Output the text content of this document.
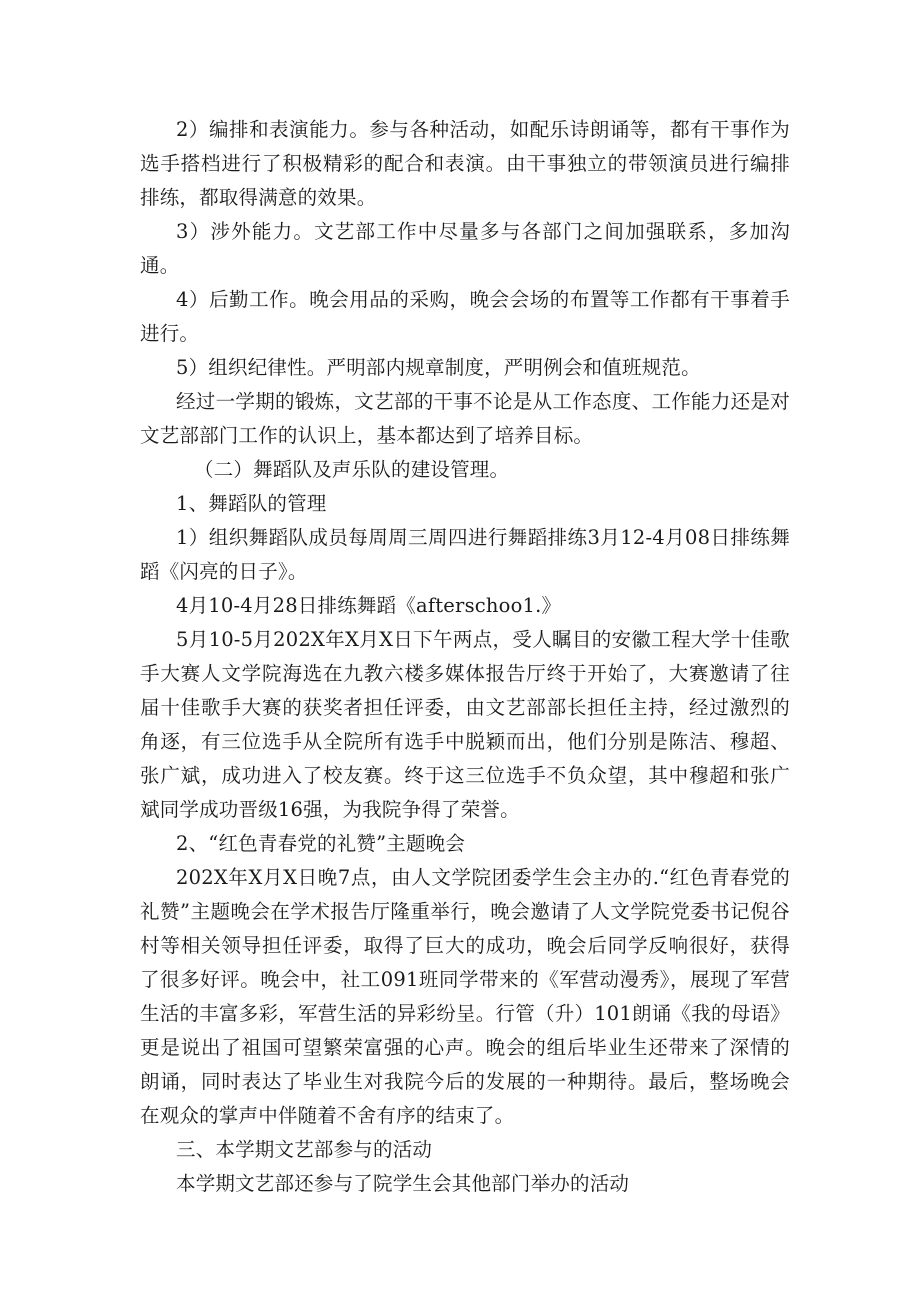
2）编排和表演能力。参与各种活动，如配乐诗朗诵等，都有干事作为选手搭档进行了积极精彩的配合和表演。由干事独立的带领演员进行编排排练，都取得满意的效果。

3）涉外能力。文艺部工作中尽量多与各部门之间加强联系，多加沟通。

4）后勤工作。晚会用品的采购，晚会会场的布置等工作都有干事着手进行。

5）组织纪律性。严明部内规章制度，严明例会和值班规范。

经过一学期的锻炼，文艺部的干事不论是从工作态度、工作能力还是对文艺部部门工作的认识上，基本都达到了培养目标。

（二）舞蹈队及声乐队的建设管理。

1、舞蹈队的管理

1）组织舞蹈队成员每周周三周四进行舞蹈排练3月12-4月08日排练舞蹈《闪亮的日子》。

4月10-4月28日排练舞蹈《afterschoo1.》

5月10-5月202X年X月X日下午两点，受人瞩目的安徽工程大学十佳歌手大赛人文学院海选在九教六楼多媒体报告厅终于开始了，大赛邀请了往届十佳歌手大赛的获奖者担任评委，由文艺部部长担任主持，经过激烈的角逐，有三位选手从全院所有选手中脱颖而出，他们分别是陈洁、穆超、张广斌，成功进入了校友赛。终于这三位选手不负众望，其中穆超和张广斌同学成功晋级16强，为我院争得了荣誉。

2、“红色青春党的礼赞”主题晚会

202X年X月X日晚7点，由人文学院团委学生会主办的.“红色青春党的礼赞”主题晚会在学术报告厅隆重举行，晚会邀请了人文学院党委书记倪谷村等相关领导担任评委，取得了巨大的成功，晚会后同学反响很好，获得了很多好评。晚会中，社工091班同学带来的《军营动漫秀》，展现了军营生活的丰富多彩，军营生活的异彩纷呈。行管（升）101朗诵《我的母语》更是说出了祖国可望繁荣富强的心声。晚会的组后毕业生还带来了深情的朗诵，同时表达了毕业生对我院今后的发展的一种期待。最后，整场晚会在观众的掌声中伴随着不舍有序的结束了。

三、本学期文艺部参与的活动

本学期文艺部还参与了院学生会其他部门举办的活动
